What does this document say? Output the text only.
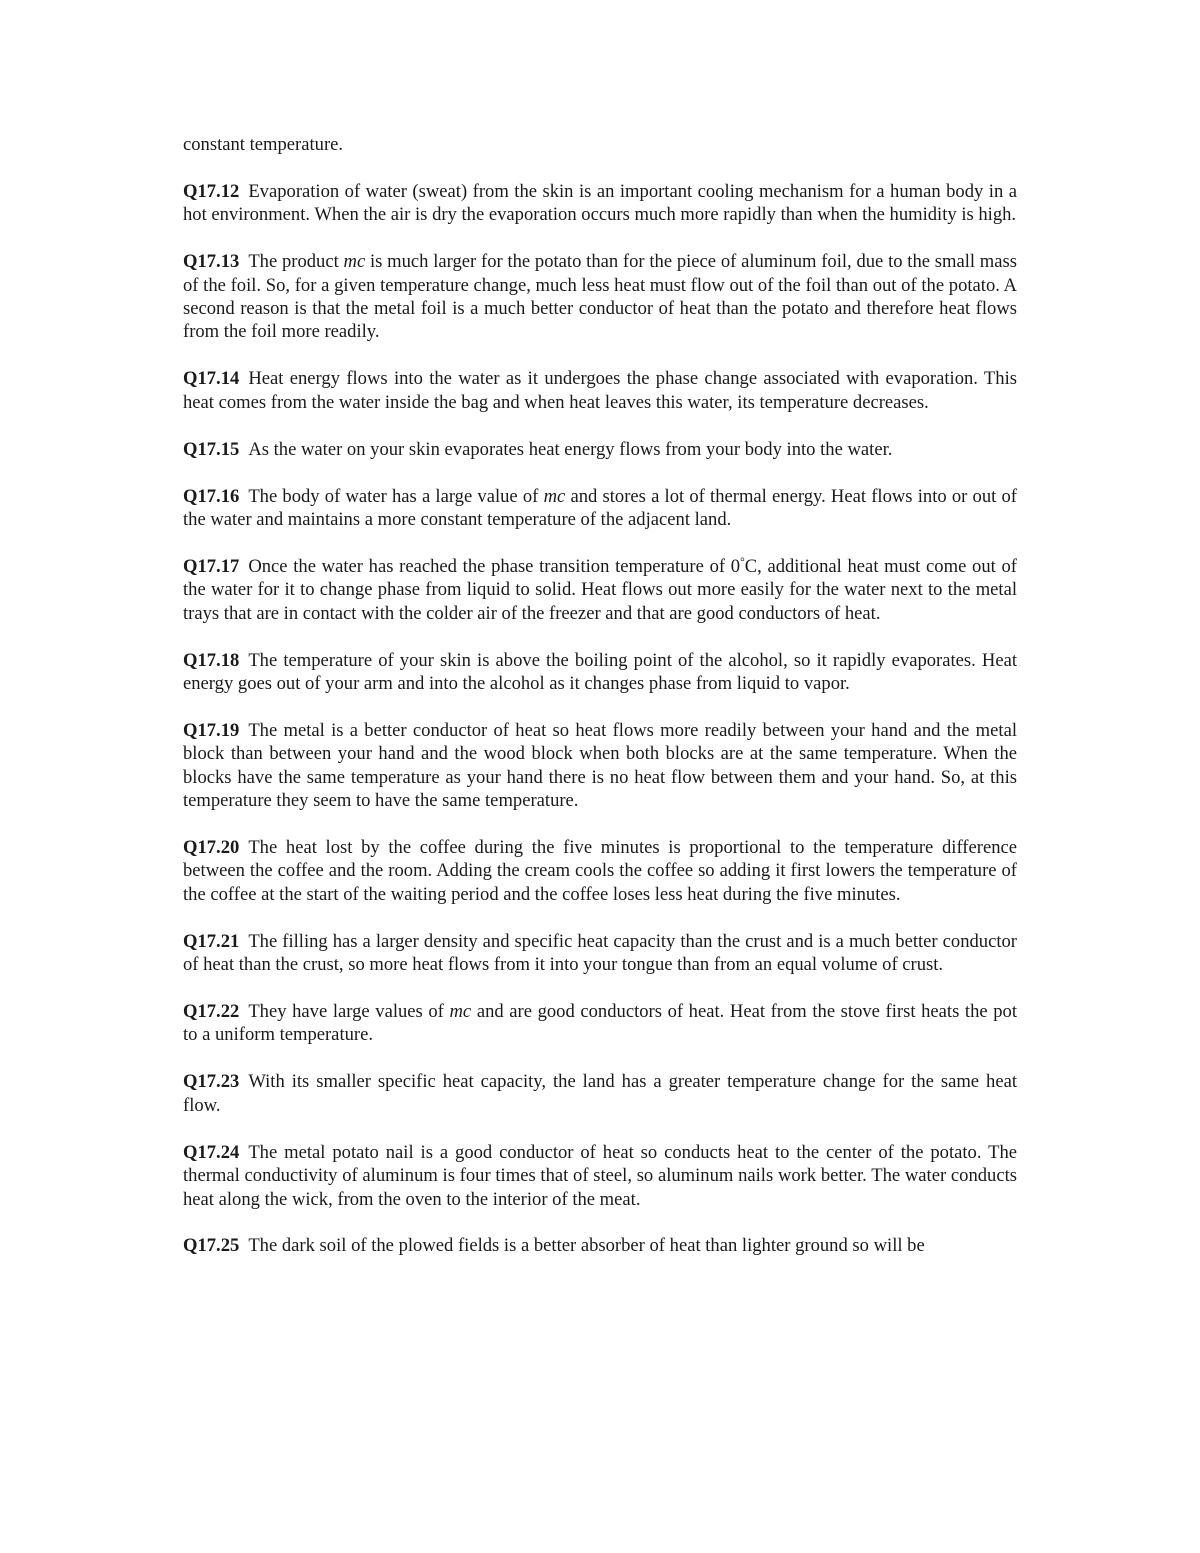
constant temperature.

Q17.12 Evaporation of water (sweat) from the skin is an important cooling mechanism for a human body in a hot environment. When the air is dry the evaporation occurs much more rapidly than when the humidity is high.

Q17.13 The product mc is much larger for the potato than for the piece of aluminum foil, due to the small mass of the foil. So, for a given temperature change, much less heat must flow out of the foil than out of the potato. A second reason is that the metal foil is a much better conductor of heat than the potato and therefore heat flows from the foil more readily.

Q17.14 Heat energy flows into the water as it undergoes the phase change associated with evaporation. This heat comes from the water inside the bag and when heat leaves this water, its temperature decreases.

Q17.15 As the water on your skin evaporates heat energy flows from your body into the water.

Q17.16 The body of water has a large value of mc and stores a lot of thermal energy. Heat flows into or out of the water and maintains a more constant temperature of the adjacent land.

Q17.17 Once the water has reached the phase transition temperature of 0°C, additional heat must come out of the water for it to change phase from liquid to solid. Heat flows out more easily for the water next to the metal trays that are in contact with the colder air of the freezer and that are good conductors of heat.

Q17.18 The temperature of your skin is above the boiling point of the alcohol, so it rapidly evaporates. Heat energy goes out of your arm and into the alcohol as it changes phase from liquid to vapor.

Q17.19 The metal is a better conductor of heat so heat flows more readily between your hand and the metal block than between your hand and the wood block when both blocks are at the same temperature. When the blocks have the same temperature as your hand there is no heat flow between them and your hand. So, at this temperature they seem to have the same temperature.

Q17.20 The heat lost by the coffee during the five minutes is proportional to the temperature difference between the coffee and the room. Adding the cream cools the coffee so adding it first lowers the temperature of the coffee at the start of the waiting period and the coffee loses less heat during the five minutes.

Q17.21 The filling has a larger density and specific heat capacity than the crust and is a much better conductor of heat than the crust, so more heat flows from it into your tongue than from an equal volume of crust.

Q17.22 They have large values of mc and are good conductors of heat. Heat from the stove first heats the pot to a uniform temperature.

Q17.23 With its smaller specific heat capacity, the land has a greater temperature change for the same heat flow.

Q17.24 The metal potato nail is a good conductor of heat so conducts heat to the center of the potato. The thermal conductivity of aluminum is four times that of steel, so aluminum nails work better. The water conducts heat along the wick, from the oven to the interior of the meat.

Q17.25 The dark soil of the plowed fields is a better absorber of heat than lighter ground so will be
